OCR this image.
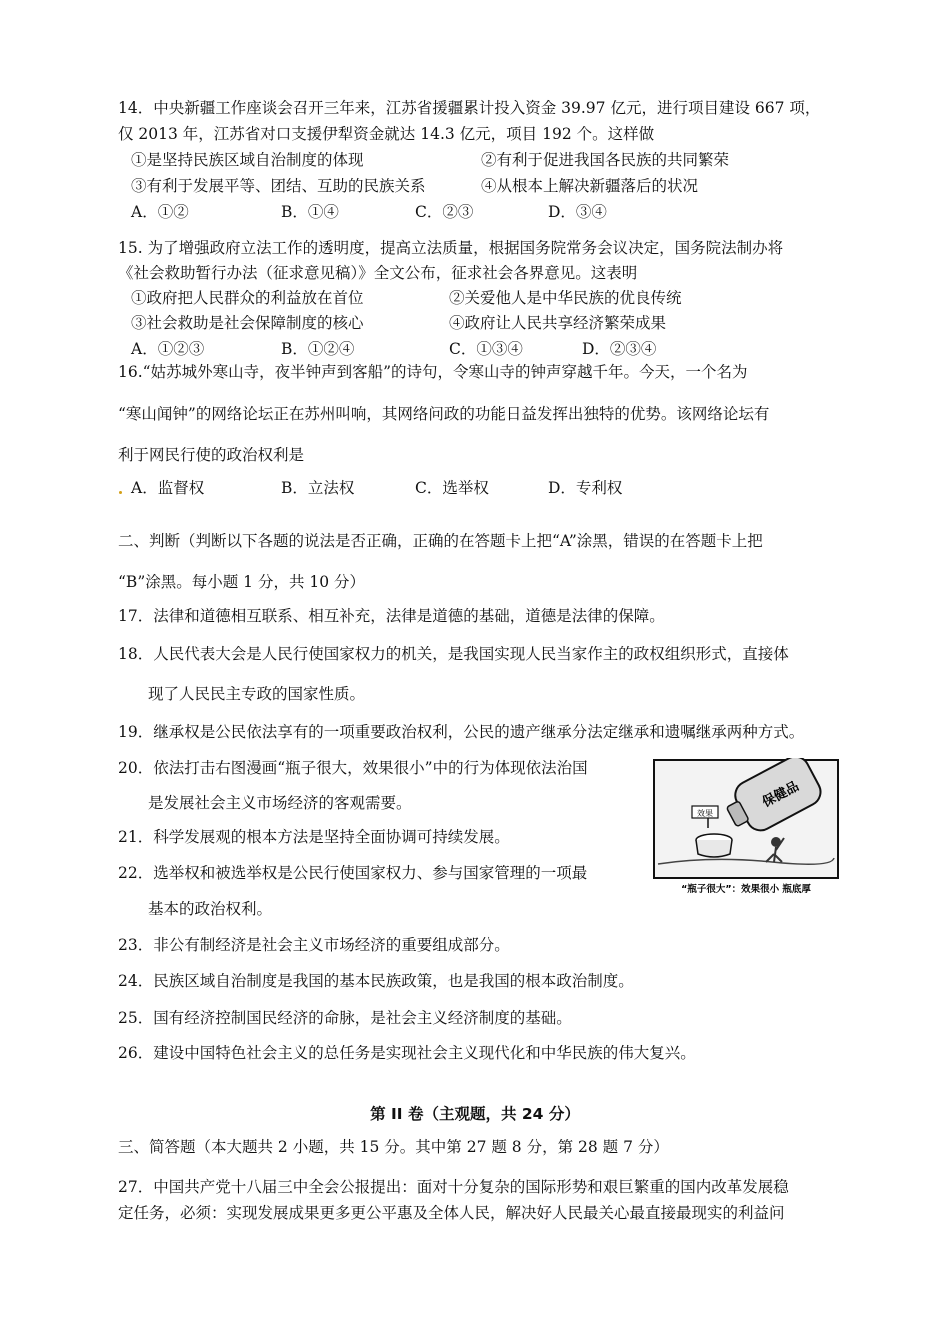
14．中央新疆工作座谈会召开三年来，江苏省援疆累计投入资金 39.97 亿元，进行项目建设 667 项，
仅 2013 年，江苏省对口支援伊犁资金就达 14.3 亿元，项目 192 个。这样做
①是坚持民族区域自治制度的体现	②有利于促进我国各民族的共同繁荣
③有利于发展平等、团结、互助的民族关系	④从根本上解决新疆落后的状况
A．①②	B．①④	C．②③	D．③④
15. 为了增强政府立法工作的透明度，提高立法质量，根据国务院常务会议决定，国务院法制办将
《社会救助暂行办法（征求意见稿）》全文公布，征求社会各界意见。这表明
①政府把人民群众的利益放在首位	②关爱他人是中华民族的优良传统
③社会救助是社会保障制度的核心	④政府让人民共享经济繁荣成果
A．①②③	B．①②④	C．①③④	D．②③④
16.“姑苏城外寒山寺，夜半钟声到客船”的诗句，令寒山寺的钟声穿越千年。今天，一个名为
“寒山闻钟”的网络论坛正在苏州叫响，其网络问政的功能日益发挥出独特的优势。该网络论坛有
利于网民行使的政治权利是
A．监督权	B．立法权	C．选举权	D．专利权
二、判断（判断以下各题的说法是否正确，正确的在答题卡上把“A”涂黑，错误的在答题卡上把
“B”涂黑。每小题 1 分，共 10 分）
17．法律和道德相互联系、相互补充，法律是道德的基础，道德是法律的保障。
18．人民代表大会是人民行使国家权力的机关，是我国实现人民当家作主的政权组织形式，直接体
现了人民民主专政的国家性质。
19．继承权是公民依法享有的一项重要政治权利，公民的遗产继承分法定继承和遗嘱继承两种方式。
20．依法打击右图漫画“瓶子很大，效果很小”中的行为体现依法治国
是发展社会主义市场经济的客观需要。
21．科学发展观的根本方法是坚持全面协调可持续发展。
22．选举权和被选举权是公民行使国家权力、参与国家管理的一项最
基本的政治权利。
23．非公有制经济是社会主义市场经济的重要组成部分。
24．民族区域自治制度是我国的基本民族政策，也是我国的根本政治制度。
25．国有经济控制国民经济的命脉，是社会主义经济制度的基础。
26．建设中国特色社会主义的总任务是实现社会主义现代化和中华民族的伟大复兴。
效果
保健品
“瓶子很大”：效果很小 瓶底厚
第 II 卷（主观题，共 24 分）
三、简答题（本大题共 2 小题，共 15 分。其中第 27 题 8 分，第 28 题 7 分）
27．中国共产党十八届三中全会公报提出：面对十分复杂的国际形势和艰巨繁重的国内改革发展稳
定任务，必须：实现发展成果更多更公平惠及全体人民，解决好人民最关心最直接最现实的利益问
